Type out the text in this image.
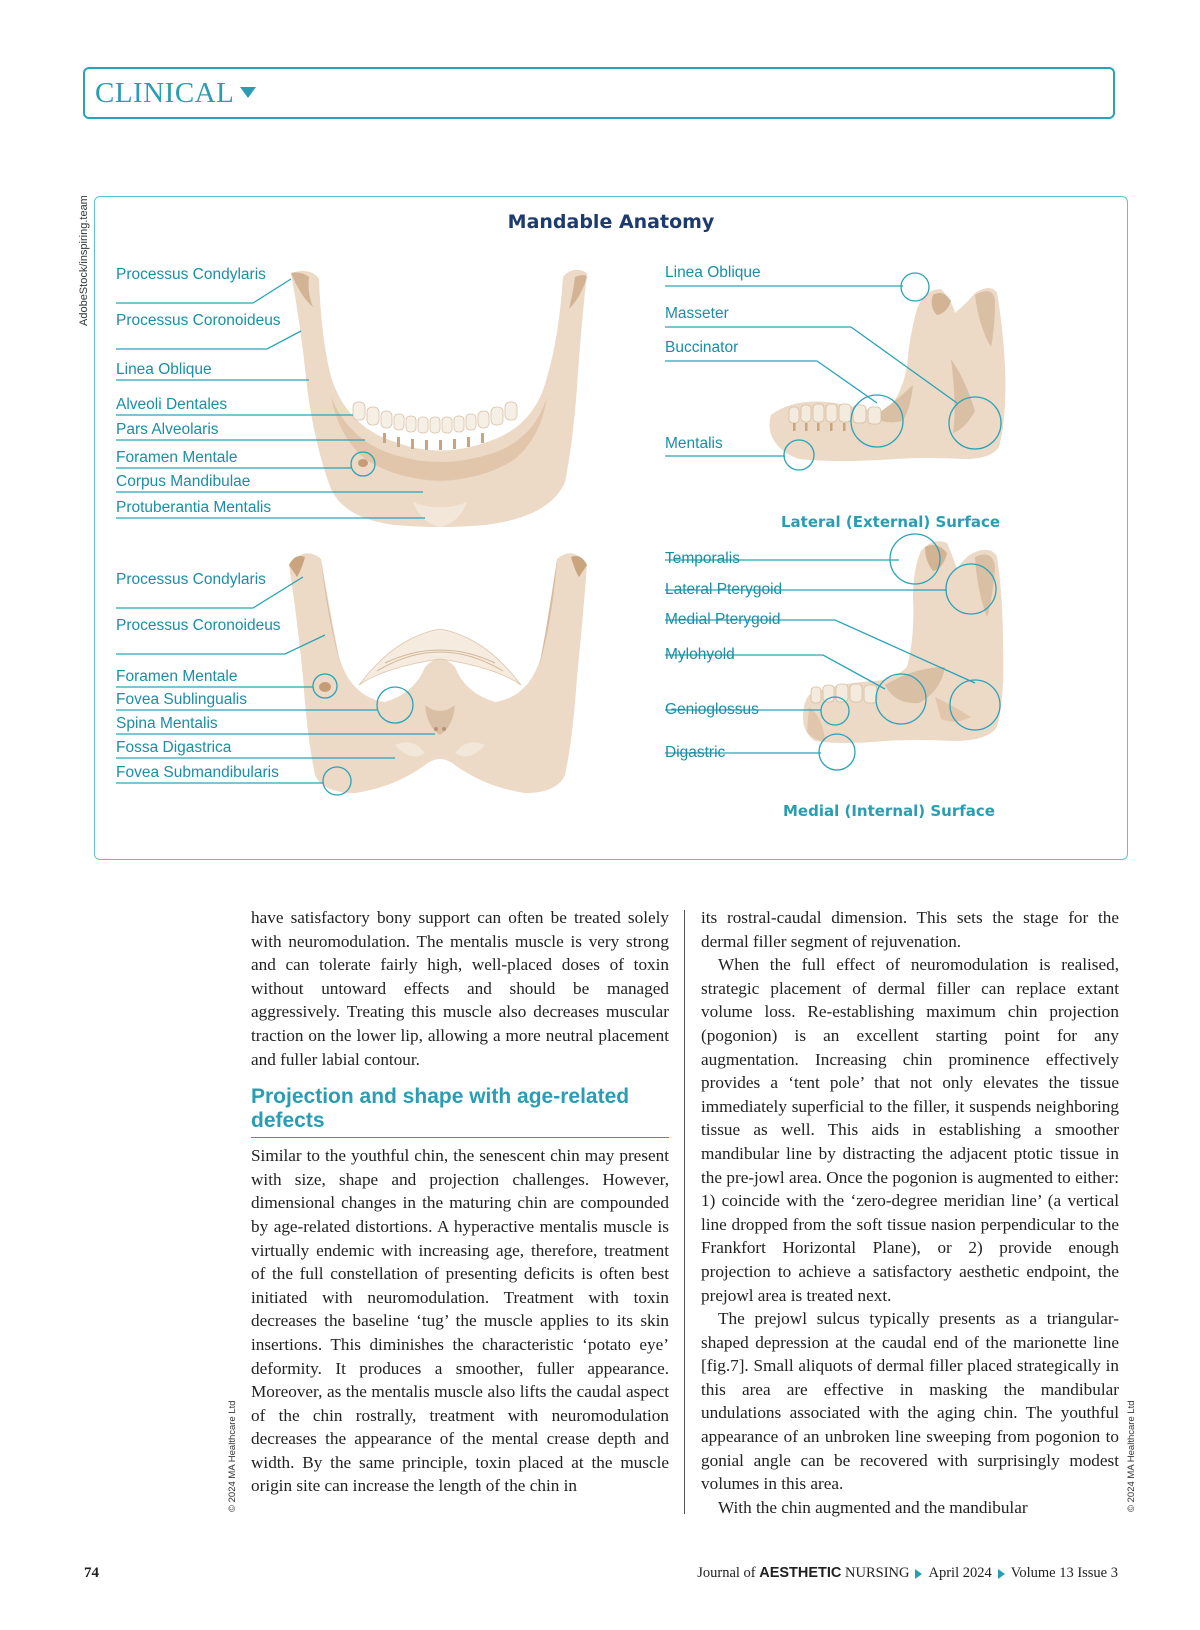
CLINICAL
AdobeStock/inspiring.team
© 2024 MA Healthcare Ltd	© 2024 MA Healthcare Ltd
Mandable Anatomy
Processus Condylaris
Processus Coronoideus
Linea Oblique
Alveoli Dentales
Pars Alveolaris
Foramen Mentale
Corpus Mandibulae
Protuberantia Mentalis
Processus Condylaris
Processus Coronoideus
Foramen Mentale
Fovea Sublingualis
Spina Mentalis
Fossa Digastrica
Fovea Submandibularis
Linea Oblique
Masseter
Buccinator
Mentalis
Lateral (External) Surface
Temporalis
Lateral Pterygoid
Medial Pterygoid
Mylohyold
Genioglossus
Digastric
Medial (Internal) Surface

have satisfactory bony support can often be treated solely with neuromodulation. The mentalis muscle is very strong and can tolerate fairly high, well-placed doses of toxin without untoward effects and should be managed aggressively. Treating this muscle also decreases muscular traction on the lower lip, allowing a more neutral placement and fuller labial contour.

Projection and shape with age-related defects

Similar to the youthful chin, the senescent chin may present with size, shape and projection challenges. However, dimensional changes in the maturing chin are compounded by age-related distortions. A hyperactive mentalis muscle is virtually endemic with increasing age, therefore, treatment of the full constellation of presenting deficits is often best initiated with neuromodulation. Treatment with toxin decreases the baseline ‘tug’ the muscle applies to its skin insertions. This diminishes the characteristic ‘potato eye’ deformity. It produces a smoother, fuller appearance. Moreover, as the mentalis muscle also lifts the caudal aspect of the chin rostrally, treatment with neuromodulation decreases the appearance of the mental crease depth and width. By the same principle, toxin placed at the muscle origin site can increase the length of the chin in

its rostral-caudal dimension. This sets the stage for the dermal filler segment of rejuvenation.

When the full effect of neuromodulation is realised, strategic placement of dermal filler can replace extant volume loss. Re-establishing maximum chin projection (pogonion) is an excellent starting point for any augmentation. Increasing chin prominence effectively provides a ‘tent pole’ that not only elevates the tissue immediately superficial to the filler, it suspends neighboring tissue as well. This aids in establishing a smoother mandibular line by distracting the adjacent ptotic tissue in the pre-jowl area. Once the pogonion is augmented to either: 1) coincide with the ‘zero-degree meridian line’ (a vertical line dropped from the soft tissue nasion perpendicular to the Frankfort Horizontal Plane), or 2) provide enough projection to achieve a satisfactory aesthetic endpoint, the prejowl area is treated next.

The prejowl sulcus typically presents as a triangular-shaped depression at the caudal end of the marionette line [fig.7]. Small aliquots of dermal filler placed strategically in this area are effective in masking the mandibular undulations associated with the aging chin. The youthful appearance of an unbroken line sweeping from pogonion to gonial angle can be recovered with surprisingly modest volumes in this area.

With the chin augmented and the mandibular

74	Journal of AESTHETIC NURSING April 2024 Volume 13 Issue 3
